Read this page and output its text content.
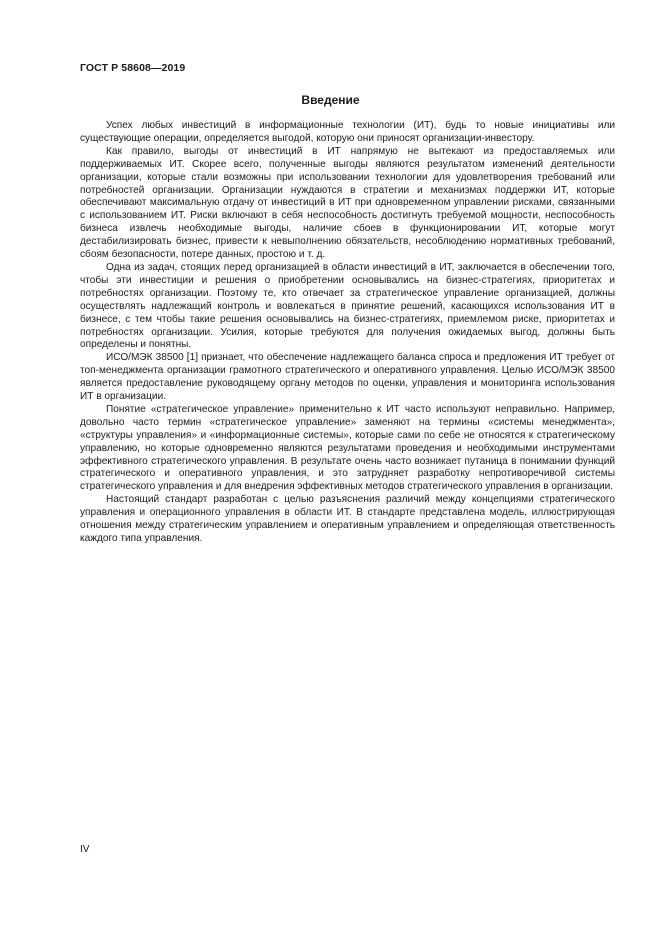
ГОСТ Р 58608—2019
Введение

Успех любых инвестиций в информационные технологии (ИТ), будь то новые инициативы или существующие операции, определяется выгодой, которую они приносят организации-инвестору.

Как правило, выгоды от инвестиций в ИТ напрямую не вытекают из предоставляемых или поддерживаемых ИТ. Скорее всего, полученные выгоды являются результатом изменений деятельности организации, которые стали возможны при использовании технологии для удовлетворения требований или потребностей организации. Организации нуждаются в стратегии и механизмах поддержки ИТ, которые обеспечивают максимальную отдачу от инвестиций в ИТ при одновременном управлении рисками, связанными с использованием ИТ. Риски включают в себя неспособность достигнуть требуемой мощности, неспособность бизнеса извлечь необходимые выгоды, наличие сбоев в функционировании ИТ, которые могут дестабилизировать бизнес, привести к невыполнению обязательств, несоблюдению нормативных требований, сбоям безопасности, потере данных, простою и т. д.

Одна из задач, стоящих перед организацией в области инвестиций в ИТ, заключается в обеспечении того, чтобы эти инвестиции и решения о приобретении основывались на бизнес-стратегиях, приоритетах и потребностях организации. Поэтому те, кто отвечает за стратегическое управление организацией, должны осуществлять надлежащий контроль и вовлекаться в принятие решений, касающихся использования ИТ в бизнесе, с тем чтобы такие решения основывались на бизнес-стратегиях, приемлемом риске, приоритетах и потребностях организации. Усилия, которые требуются для получения ожидаемых выгод, должны быть определены и понятны.

ИСО/МЭК 38500 [1] признает, что обеспечение надлежащего баланса спроса и предложения ИТ требует от топ-менеджмента организации грамотного стратегического и оперативного управления. Целью ИСО/МЭК 38500 является предоставление руководящему органу методов по оценки, управления и мониторинга использования ИТ в организации.

Понятие «стратегическое управление» применительно к ИТ часто используют неправильно. Например, довольно часто термин «стратегическое управление» заменяют на термины «системы менеджмента», «структуры управления» и «информационные системы», которые сами по себе не относятся к стратегическому управлению, но которые одновременно являются результатами проведения и необходимыми инструментами эффективного стратегического управления. В результате очень часто возникает путаница в понимании функций стратегического и оперативного управления, и это затрудняет разработку непротиворечивой системы стратегического управления и для внедрения эффективных методов стратегического управления в организации.

Настоящий стандарт разработан с целью разъяснения различий между концепциями стратегического управления и операционного управления в области ИТ. В стандарте представлена модель, иллюстрирующая отношения между стратегическим управлением и оперативным управлением и определяющая ответственность каждого типа управления.

IV
